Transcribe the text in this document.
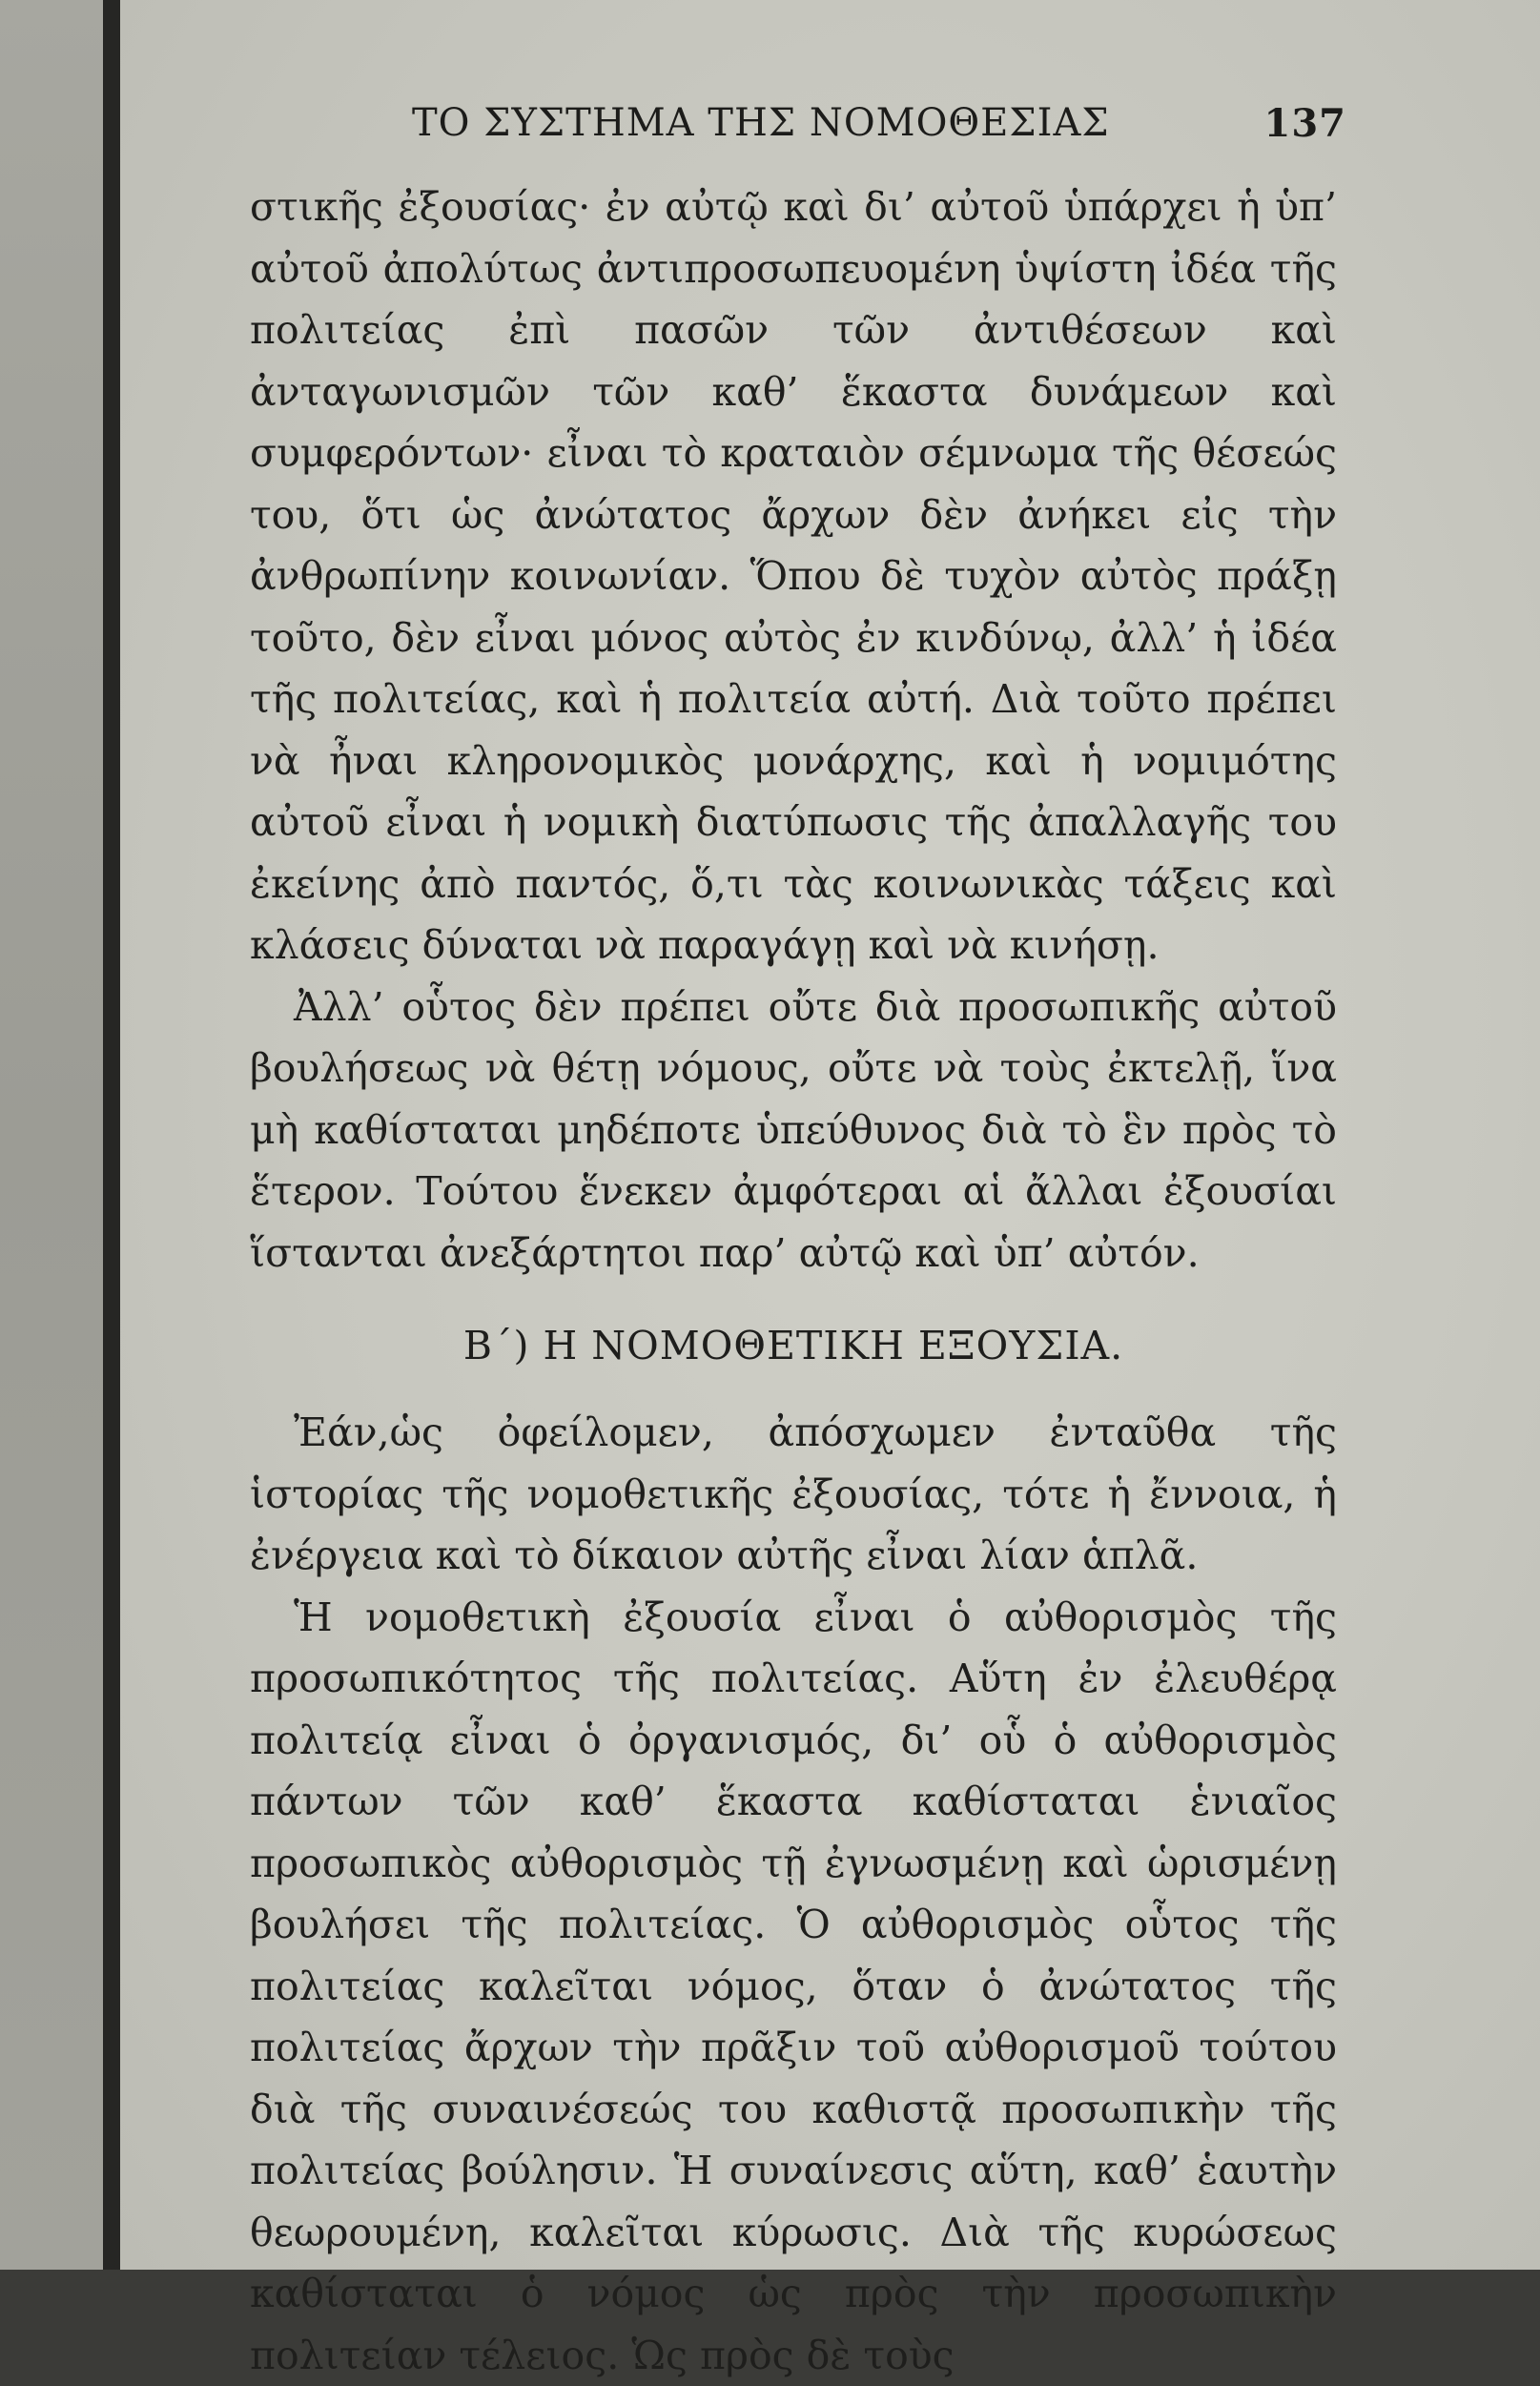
ΤΟ ΣΥΣΤΗΜΑ ΤΗΣ ΝΟΜΟΘΕΣΙΑΣ	137

στικῆς ἐξουσίας· ἐν αὐτῷ καὶ δι’ αὐτοῦ ὑπάρχει ἡ ὑπ’ αὐτοῦ ἀπολύτως ἀντιπροσωπευομένη ὑψίστη ἰδέα τῆς πολιτείας ἐπὶ πασῶν τῶν ἀντιθέσεων καὶ ἀνταγωνισμῶν τῶν καθ’ ἕκαστα δυνάμεων καὶ συμφερόντων· εἶναι τὸ κραταιὸν σέμνωμα τῆς θέσεώς του, ὅτι ὡς ἀνώτατος ἄρχων δὲν ἀνήκει εἰς τὴν ἀνθρωπίνην κοινωνίαν. Ὅπου δὲ τυχὸν αὐτὸς πράξῃ τοῦτο, δὲν εἶναι μόνος αὐτὸς ἐν κινδύνῳ, ἀλλ’ ἡ ἰδέα τῆς πολιτείας, καὶ ἡ πολιτεία αὐτή. Διὰ τοῦτο πρέπει νὰ ἦναι κληρονομικὸς μονάρχης, καὶ ἡ νομιμότης αὐτοῦ εἶναι ἡ νομικὴ διατύπωσις τῆς ἀπαλλαγῆς του ἐκείνης ἀπὸ παντός, ὅ,τι τὰς κοινωνικὰς τάξεις καὶ κλάσεις δύναται νὰ παραγάγῃ καὶ νὰ κινήσῃ.

Ἀλλ’ οὗτος δὲν πρέπει οὔτε διὰ προσωπικῆς αὐτοῦ βουλήσεως νὰ θέτῃ νόμους, οὔτε νὰ τοὺς ἐκτελῇ, ἵνα μὴ καθίσταται μηδέποτε ὑπεύθυνος διὰ τὸ ἓν πρὸς τὸ ἕτερον. Τούτου ἕνεκεν ἀμφότεραι αἱ ἄλλαι ἐξουσίαι ἵστανται ἀνεξάρτητοι παρ’ αὐτῷ καὶ ὑπ’ αὐτόν.

Β΄) Η ΝΟΜΟΘΕΤΙΚΗ ΕΞΟΥΣΙΑ.

Ἐάν,ὡς ὀφείλομεν, ἀπόσχωμεν ἐνταῦθα τῆς ἱστορίας τῆς νομοθετικῆς ἐξουσίας, τότε ἡ ἔννοια, ἡ ἐνέργεια καὶ τὸ δίκαιον αὐτῆς εἶναι λίαν ἁπλᾶ.

Ἡ νομοθετικὴ ἐξουσία εἶναι ὁ αὐθορισμὸς τῆς προσωπικότητος τῆς πολιτείας. Αὕτη ἐν ἐλευθέρᾳ πολιτείᾳ εἶναι ὁ ὀργανισμός, δι’ οὗ ὁ αὐθορισμὸς πάντων τῶν καθ’ ἕκαστα καθίσταται ἑνιαῖος προσωπικὸς αὐθορισμὸς τῇ ἐγνωσμένῃ καὶ ὡρισμένῃ βουλήσει τῆς πολιτείας. Ὁ αὐθορισμὸς οὗτος τῆς πολιτείας καλεῖται νόμος, ὅταν ὁ ἀνώτατος τῆς πολιτείας ἄρχων τὴν πρᾶξιν τοῦ αὐθορισμοῦ τούτου διὰ τῆς συναινέσεώς του καθιστᾷ προσωπικὴν τῆς πολιτείας βούλησιν. Ἡ συναίνεσις αὕτη, καθ’ ἑαυτὴν θεωρουμένη, καλεῖται κύρωσις. Διὰ τῆς κυρώσεως καθίσταται ὁ νόμος ὡς πρὸς τὴν προσωπικὴν πολιτείαν τέλειος. Ὡς πρὸς δὲ τοὺς
